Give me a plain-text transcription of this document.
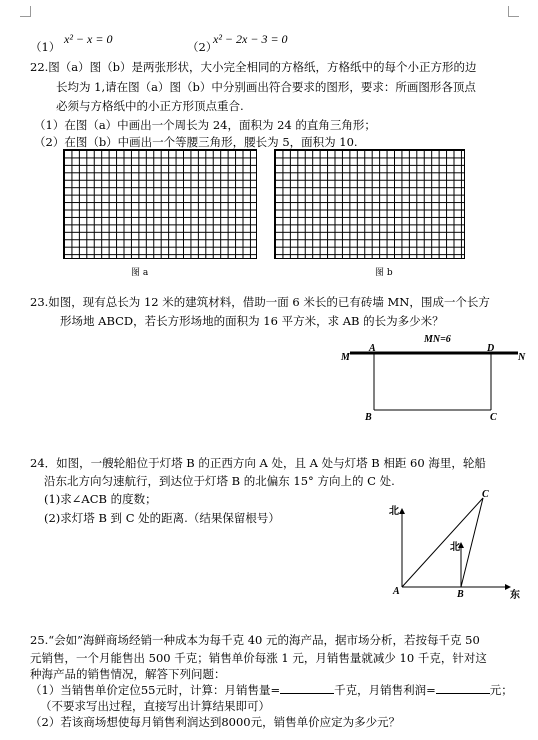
（1）
x² − x = 0
（2）
x² − 2x − 3 = 0
22.图（a）图（b）是两张形状，大小完全相同的方格纸，方格纸中的每个小正方形的边
长均为 1,请在图（a）图（b）中分别画出符合要求的图形，要求：所画图形各顶点
必须与方格纸中的小正方形顶点重合.
（1）在图（a）中画出一个周长为 24，面积为 24 的直角三角形；
（2）在图（b）中画出一个等腰三角形，腰长为 5，面积为 10.
图 a	图 b
23.如图，现有总长为 12 米的建筑材料，借助一面 6 米长的已有砖墙 MN，围成一个长方
形场地 ABCD，若长方形场地的面积为 16 平方米，求 AB 的长为多少米？
MN=6
M	N
A	D
B	C
24．如图，一艘轮船位于灯塔 B 的正西方向 A 处，且 A 处与灯塔 B 相距 60 海里，轮船
沿东北方向匀速航行，到达位于灯塔 B 的北偏东 15° 方向上的 C 处.
(1)求∠ACB 的度数；
(2)求灯塔 B 到 C 处的距离.（结果保留根号）	北
北
东
A	B
C
25.“会如”海鲜商场经销一种成本为每千克 40 元的海产品，据市场分析，若按每千克 50
元销售，一个月能售出 500 千克；销售单价每涨 1 元，月销售量就减少 10 千克，针对这
种海产品的销售情况，解答下列问题：
（1）当销售单价定位55元时，计算：月销售量=	千克，月销售利润=	元；
（不要求写出过程，直接写出计算结果即可）
（2）若该商场想使每月销售利润达到8000元，销售单价应定为多少元？
